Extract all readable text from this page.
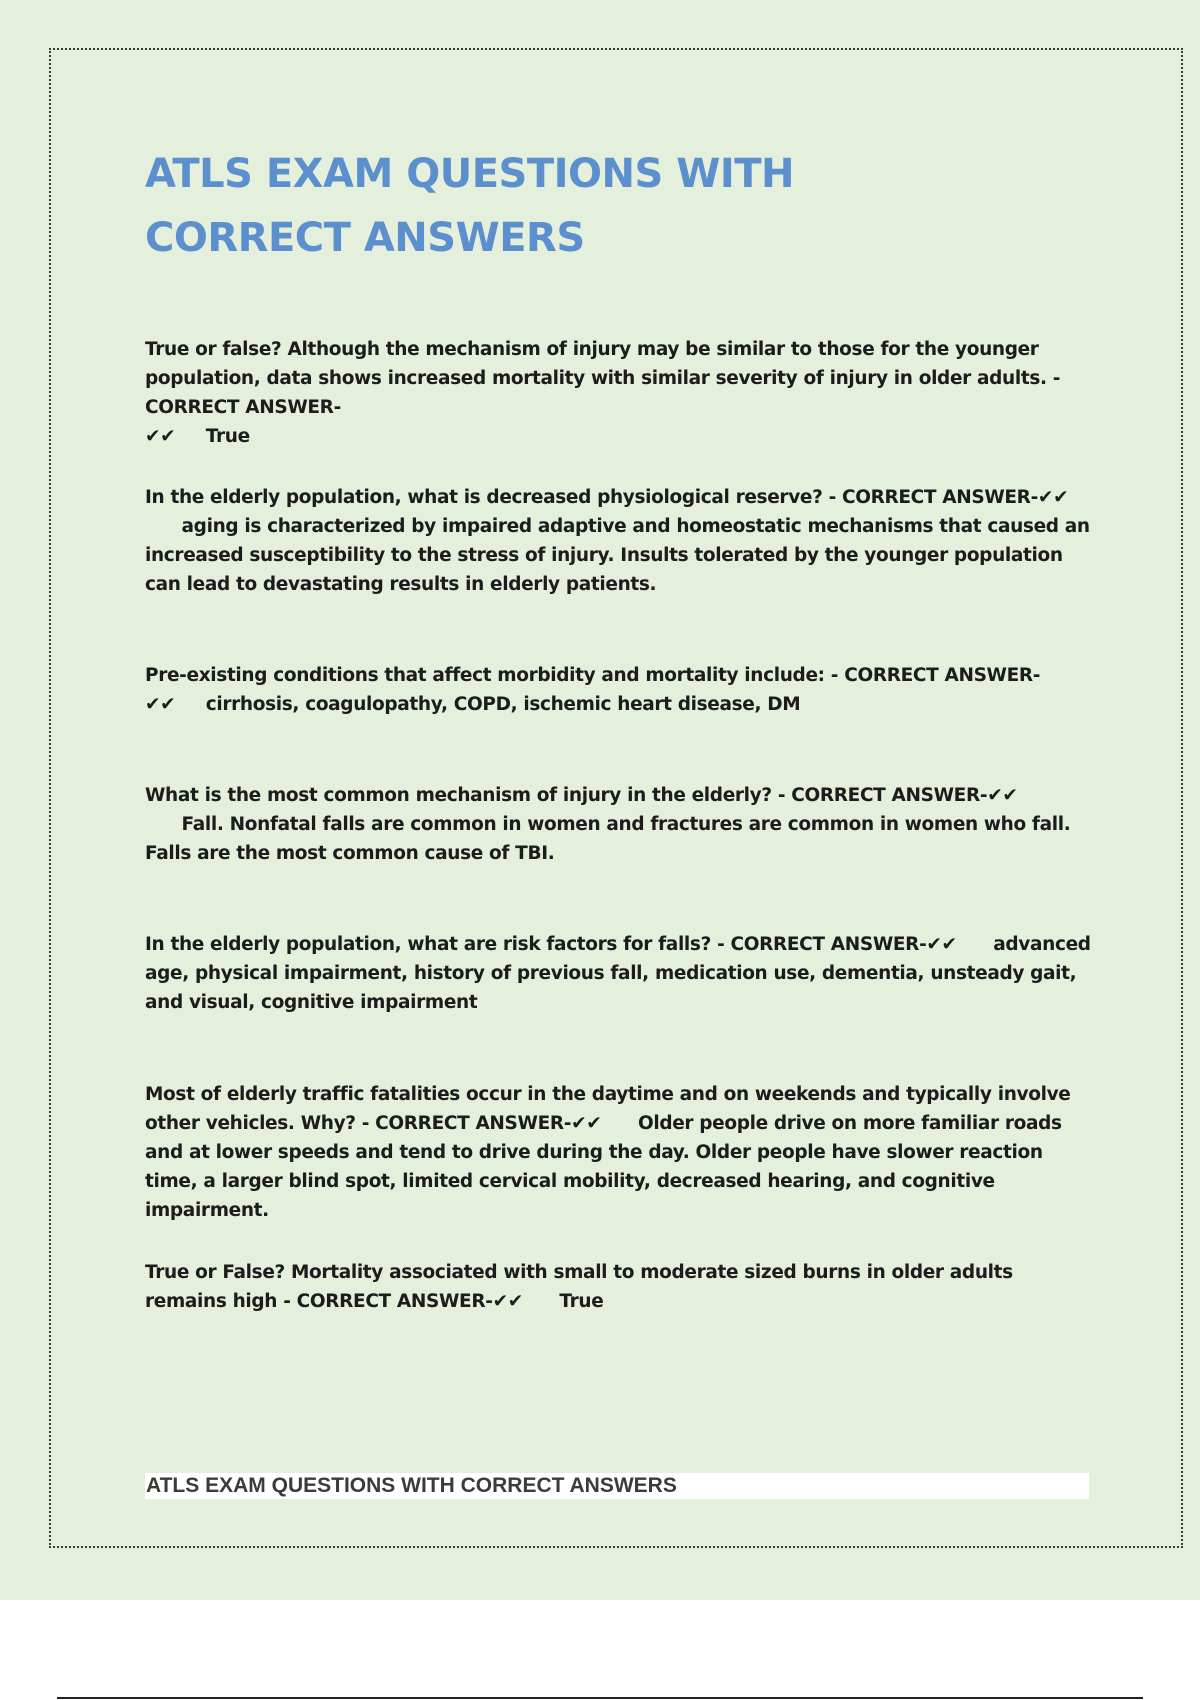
ATLS EXAM QUESTIONS WITH CORRECT ANSWERS

True or false? Although the mechanism of injury may be similar to those for the younger population, data shows increased mortality with similar severity of injury in older adults. - CORRECT ANSWER-
✔✔ True

In the elderly population, what is decreased physiological reserve? - CORRECT ANSWER-✔✔      aging is characterized by impaired adaptive and homeostatic mechanisms that caused an increased susceptibility to the stress of injury. Insults tolerated by the younger population can lead to devastating results in elderly patients.

Pre-existing conditions that affect morbidity and mortality include: - CORRECT ANSWER-
✔✔ cirrhosis, coagulopathy, COPD, ischemic heart disease, DM

What is the most common mechanism of injury in the elderly? - CORRECT ANSWER-✔✔      Fall. Nonfatal falls are common in women and fractures are common in women who fall. Falls are the most common cause of TBI.

In the elderly population, what are risk factors for falls? - CORRECT ANSWER-✔✔ advanced age, physical impairment, history of previous fall, medication use, dementia, unsteady gait, and visual, cognitive impairment

Most of elderly traffic fatalities occur in the daytime and on weekends and typically involve other vehicles. Why? - CORRECT ANSWER-✔✔ Older people drive on more familiar roads and at lower speeds and tend to drive during the day. Older people have slower reaction time, a larger blind spot, limited cervical mobility, decreased hearing, and cognitive impairment.

True or False? Mortality associated with small to moderate sized burns in older adults remains high - CORRECT ANSWER-✔✔ True

ATLS EXAM QUESTIONS WITH CORRECT ANSWERS
